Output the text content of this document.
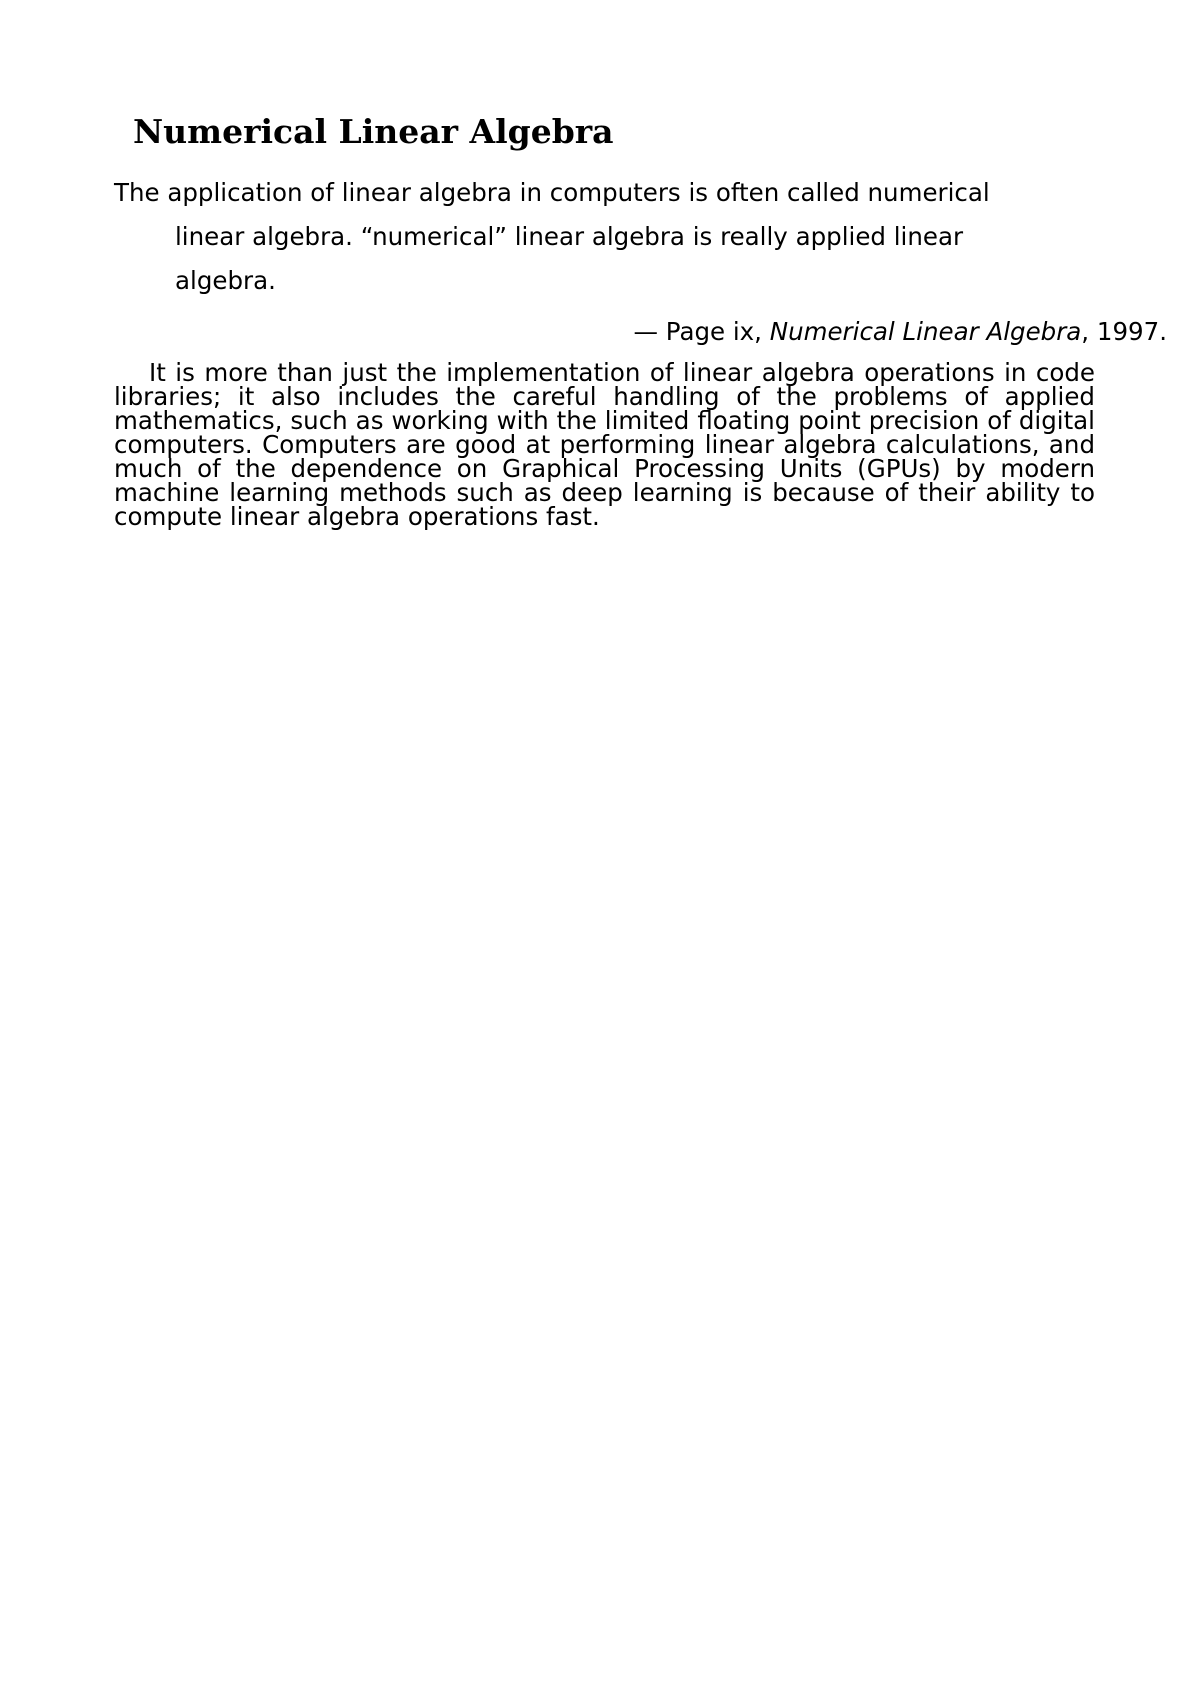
Numerical Linear Algebra
The application of linear algebra in computers is often called numerical
linear algebra. “numerical” linear algebra is really applied linear
algebra.
— Page ix, Numerical Linear Algebra, 1997.

It is more than just the implementation of linear algebra operations in code libraries; it also includes the careful handling of the problems of applied mathematics, such as working with the limited floating point precision of digital computers. Computers are good at performing linear algebra calculations, and much of the dependence on Graphical Processing Units (GPUs) by modern machine learning methods such as deep learning is because of their ability to compute linear algebra operations fast.
